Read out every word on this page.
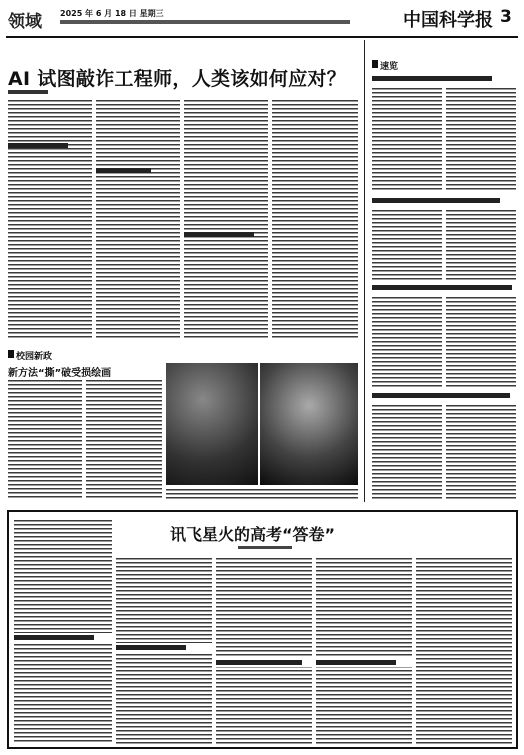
领域 2025 年 6 月 18 日 星期三	中国科学报 3
AI 试图敲诈工程师，人类该如何应对？
校园新政
新方法“撕”破受损绘画
速览
讯飞星火的高考“答卷”
